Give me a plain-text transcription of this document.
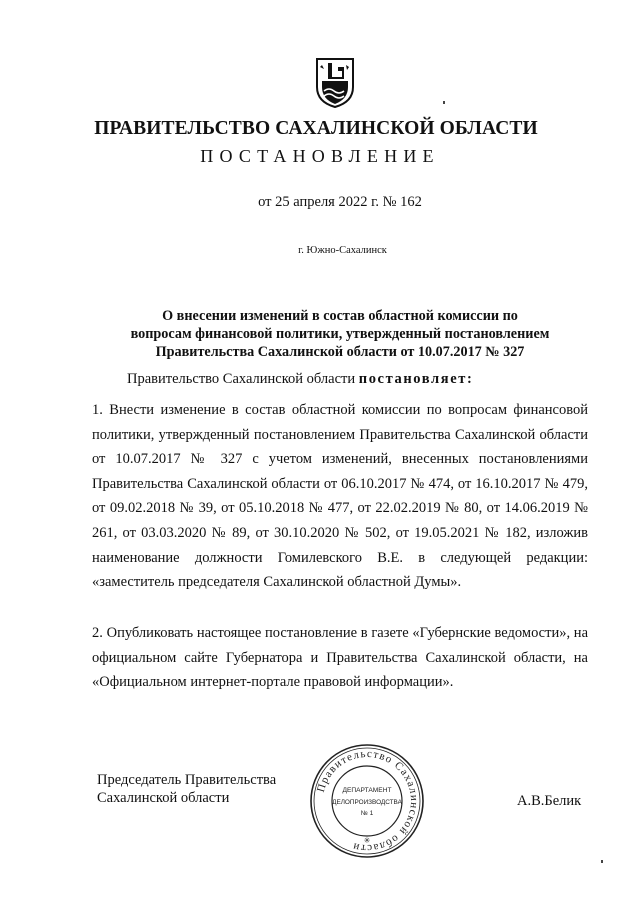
ПРАВИТЕЛЬСТВО САХАЛИНСКОЙ ОБЛАСТИ
ПОСТАНОВЛЕНИЕ
от 25 апреля 2022 г. № 162
г. Южно-Сахалинск
О внесении изменений в состав областной комиссии по
вопросам финансовой политики, утвержденный постановлением
Правительства Сахалинской области от 10.07.2017 № 327
Правительство Сахалинской области постановляет:
1. Внести изменение в состав областной комиссии по вопросам финансовой политики, утвержденный постановлением Правительства Сахалинской области от 10.07.2017 № 327 с учетом изменений, внесенных постановлениями Правительства Сахалинской области от 06.10.2017 № 474, от 16.10.2017 № 479, от 09.02.2018 № 39, от 05.10.2018 № 477, от 22.02.2019 № 80, от 14.06.2019 № 261, от 03.03.2020 № 89, от 30.10.2020 № 502, от 19.05.2021 № 182, изложив наименование должности Гомилевского В.Е. в следующей редакции: «заместитель председателя Сахалинской областной Думы».
2. Опубликовать настоящее постановление в газете «Губернские ведомости», на официальном сайте Губернатора и Правительства Сахалинской области, на «Официальном интернет-портале правовой информации».
Председатель Правительства
Сахалинской области	А.В.Белик
Правительство Сахалинской области
ДЕПАРТАМЕНТ
ДЕЛОПРОИЗВОДСТВА
№ 1
✳
